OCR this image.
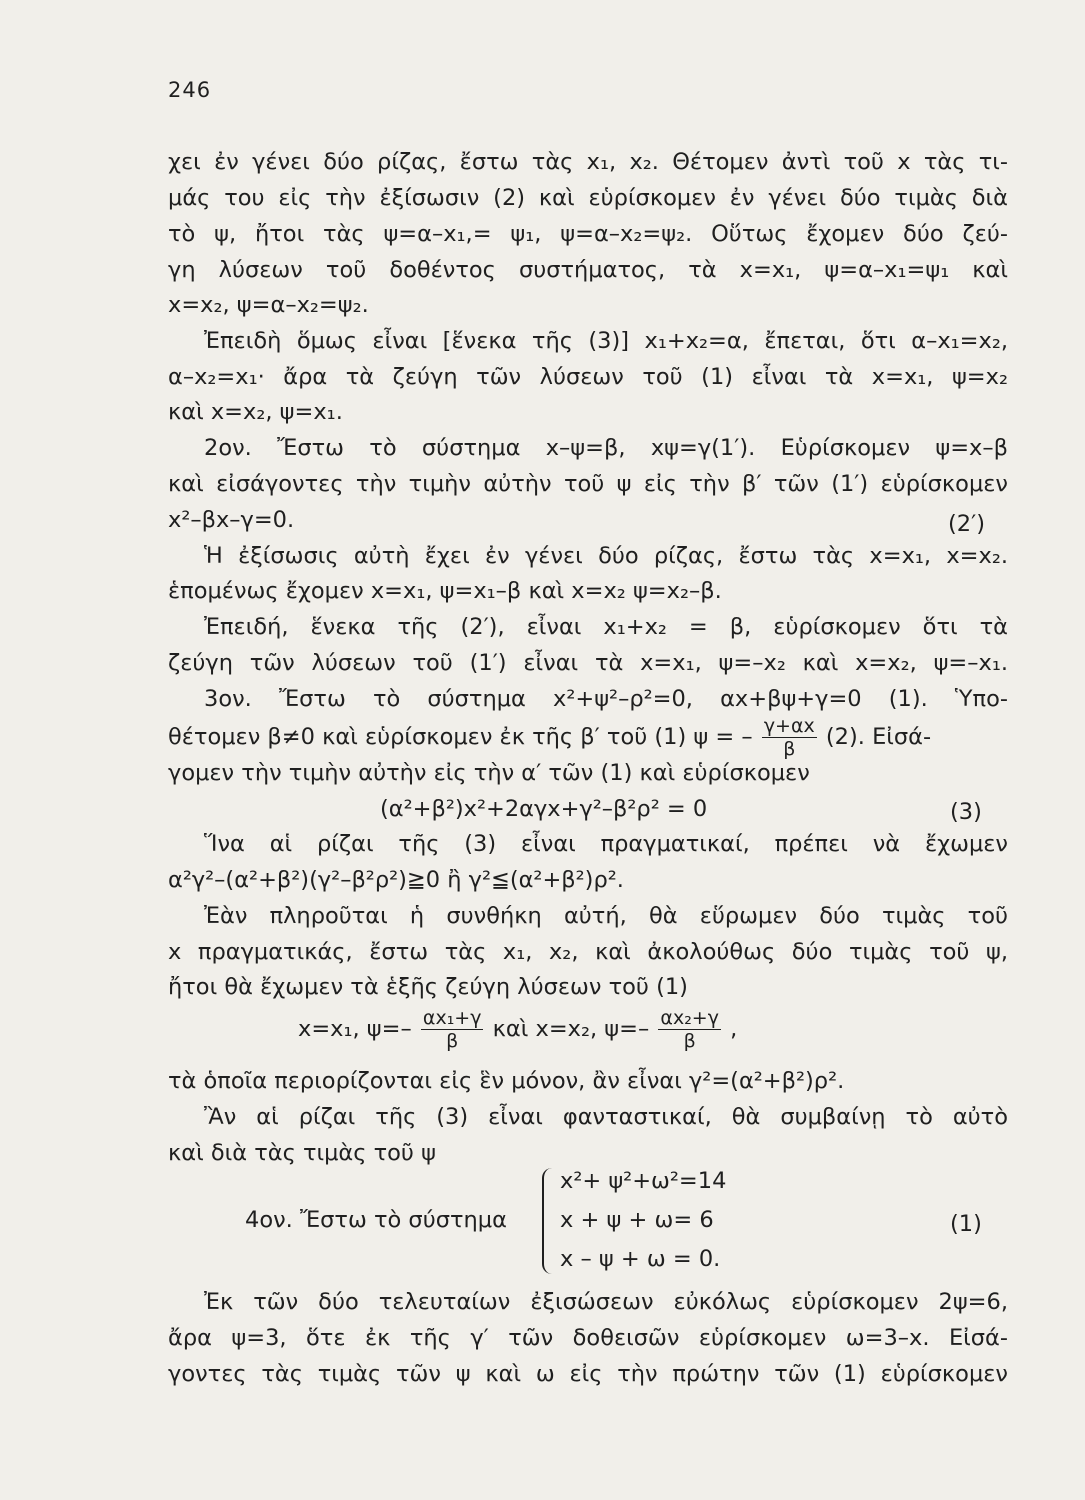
246
χει ἐν γένει δύο ρίζας, ἔστω τὰς x₁, x₂. Θέτομεν ἀντὶ τοῦ x τὰς τι-
μάς του εἰς τὴν ἐξίσωσιν (2) καὶ εὑρίσκομεν ἐν γένει δύο τιμὰς διὰ
τὸ ψ, ἤτοι τὰς ψ=α–x₁,= ψ₁, ψ=α–x₂=ψ₂. Οὕτως ἔχομεν δύο ζεύ-
γη λύσεων τοῦ δοθέντος συστήματος, τὰ x=x₁, ψ=α–x₁=ψ₁ καὶ
x=x₂, ψ=α–x₂=ψ₂.
Ἐπειδὴ ὅμως εἶναι [ἕνεκα τῆς (3)] x₁+x₂=α, ἔπεται, ὅτι α–x₁=x₂,
α–x₂=x₁· ἄρα τὰ ζεύγη τῶν λύσεων τοῦ (1) εἶναι τὰ x=x₁, ψ=x₂
καὶ x=x₂, ψ=x₁.
2ον. Ἔστω τὸ σύστημα x–ψ=β, xψ=γ(1′). Εὑρίσκομεν ψ=x–β
καὶ εἰσάγοντες τὴν τιμὴν αὐτὴν τοῦ ψ εἰς τὴν β′ τῶν (1′) εὑρίσκομεν
x²–βx–γ=0.	(2′)
Ἡ ἐξίσωσις αὐτὴ ἔχει ἐν γένει δύο ρίζας, ἔστω τὰς x=x₁, x=x₂.
ἑπομένως ἔχομεν x=x₁, ψ=x₁–β καὶ x=x₂ ψ=x₂–β.
Ἐπειδή, ἕνεκα τῆς (2′), εἶναι x₁+x₂ = β, εὑρίσκομεν ὅτι τὰ
ζεύγη τῶν λύσεων τοῦ (1′) εἶναι τὰ x=x₁, ψ=–x₂ καὶ x=x₂, ψ=–x₁.
3ον. Ἔστω τὸ σύστημα x²+ψ²–ρ²=0, αx+βψ+γ=0 (1). Ὑπο-
θέτομεν β≠0 καὶ εὑρίσκομεν ἐκ τῆς β′ τοῦ (1) ψ = – $\frac{\gamma+\alpha x}{\beta} (2)$. Εἰσά-
γομεν τὴν τιμὴν αὐτὴν εἰς τὴν α′ τῶν (1) καὶ εὑρίσκομεν
(α²+β²)x²+2αγx+γ²–β²ρ² = 0	(3)
Ἵνα αἱ ρίζαι τῆς (3) εἶναι πραγματικαί, πρέπει νὰ ἔχωμεν
α²γ²–(α²+β²)(γ²–β²ρ²)≧0 ἢ γ²≦(α²+β²)ρ².
Ἐὰν πληροῦται ἡ συνθήκη αὐτή, θὰ εὕρωμεν δύο τιμὰς τοῦ
x πραγματικάς, ἔστω τὰς x₁, x₂, καὶ ἀκολούθως δύο τιμὰς τοῦ ψ,
ἤτοι θὰ ἔχωμεν τὰ ἑξῆς ζεύγη λύσεων τοῦ (1)
x=x₁, $\psi=- \frac{\text{αx₁+γ}}{\beta}$ καὶ x=x₂, $\psi=- \frac{\text{αx₂+γ}}{\beta}$ ,
τὰ ὁποῖα περιορίζονται εἰς ἓν μόνον, ἂν εἶναι γ²=(α²+β²)ρ².
Ἂν αἱ ρίζαι τῆς (3) εἶναι φανταστικαί, θὰ συμβαίνῃ τὸ αὐτὸ
καὶ διὰ τὰς τιμὰς τοῦ ψ
4ον. Ἔστω τὸ σύστημα
x²+ ψ²+ω²=14
x + ψ + ω= 6
x – ψ + ω = 0.
(1)
Ἐκ τῶν δύο τελευταίων ἐξισώσεων εὐκόλως εὑρίσκομεν 2ψ=6,
ἄρα ψ=3, ὅτε ἐκ τῆς γ′ τῶν δοθεισῶν εὑρίσκομεν ω=3–x. Εἰσά-
γοντες τὰς τιμὰς τῶν ψ καὶ ω εἰς τὴν πρώτην τῶν (1) εὑρίσκομεν
